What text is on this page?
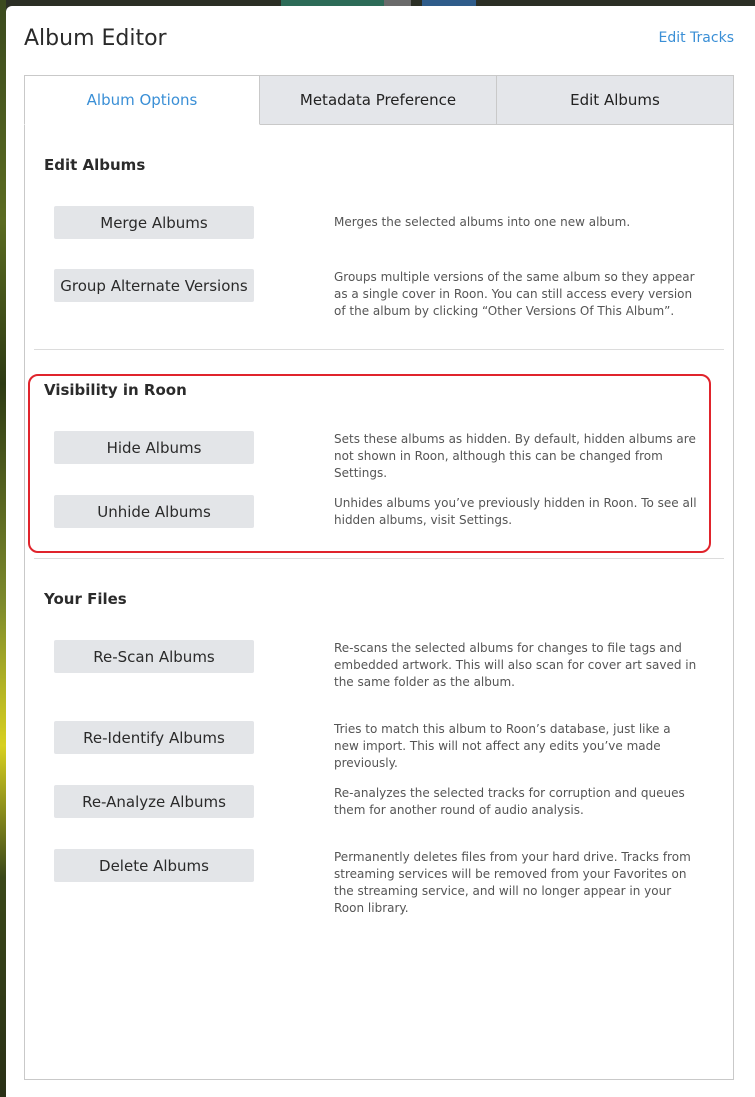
Album Editor	Edit Tracks
Album Options	Metadata Preference	Edit Albums
Edit Albums
Merge Albums	Merges the selected albums into one new album.
Group Alternate Versions	Groups multiple versions of the same album so they appear as a single cover in Roon. You can still access every version of the album by clicking “Other Versions Of This Album”.
Visibility in Roon
Hide Albums	Sets these albums as hidden. By default, hidden albums are not shown in Roon, although this can be changed from Settings.
Unhide Albums	Unhides albums you’ve previously hidden in Roon. To see all hidden albums, visit Settings.
Your Files
Re-Scan Albums	Re-scans the selected albums for changes to file tags and embedded artwork. This will also scan for cover art saved in the same folder as the album.
Re-Identify Albums	Tries to match this album to Roon’s database, just like a new import. This will not affect any edits you’ve made previously.
Re-Analyze Albums	Re-analyzes the selected tracks for corruption and queues them for another round of audio analysis.
Delete Albums	Permanently deletes files from your hard drive. Tracks from streaming services will be removed from your Favorites on the streaming service, and will no longer appear in your Roon library.
